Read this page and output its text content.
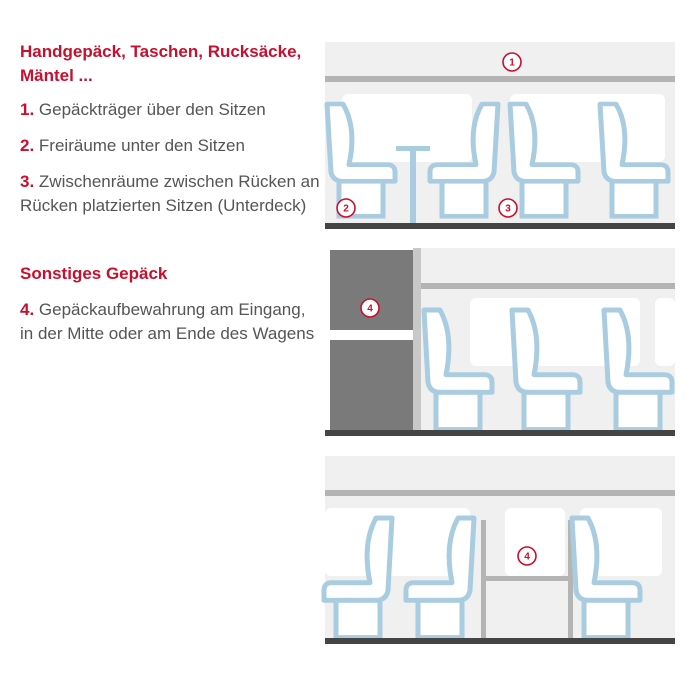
Handgepäck, Taschen, Rucksäcke, Mäntel ...

1. Gepäckträger über den Sitzen

2. Freiräume unter den Sitzen

3. Zwischenräume zwischen Rücken an Rücken platzierten Sitzen (Unterdeck)

Sonstiges Gepäck

4. Gepäckaufbewahrung am Eingang, in der Mitte oder am Ende des Wagens

1
2	3
4
4
